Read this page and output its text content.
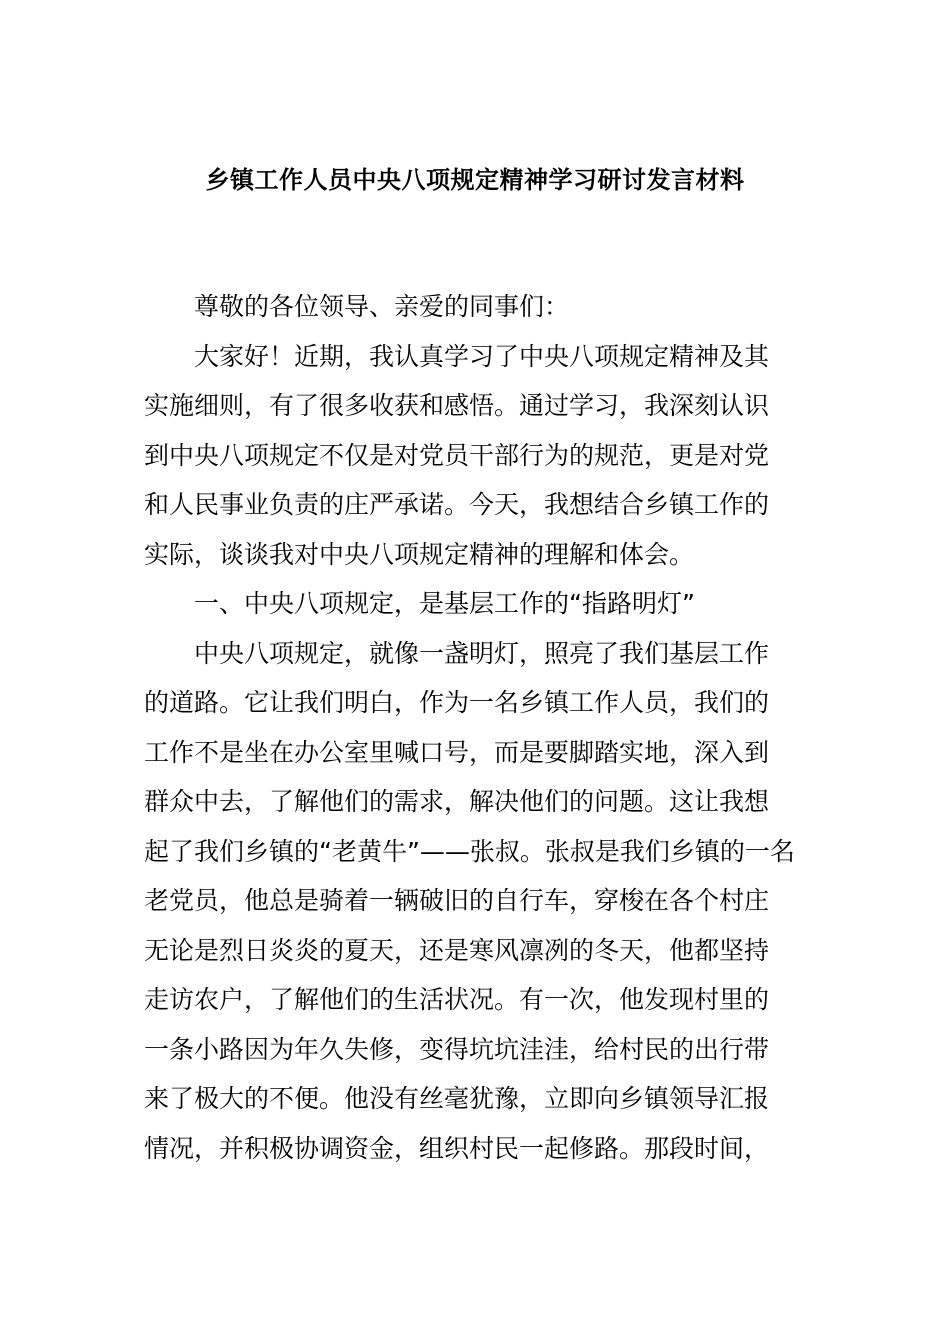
乡镇工作人员中央八项规定精神学习研讨发言材料
尊敬的各位领导、亲爱的同事们：
大家好！近期，我认真学习了中央八项规定精神及其
实施细则，有了很多收获和感悟。通过学习，我深刻认识
到中央八项规定不仅是对党员干部行为的规范，更是对党
和人民事业负责的庄严承诺。今天，我想结合乡镇工作的
实际，谈谈我对中央八项规定精神的理解和体会。
一、中央八项规定，是基层工作的“指路明灯”
中央八项规定，就像一盏明灯，照亮了我们基层工作
的道路。它让我们明白，作为一名乡镇工作人员，我们的
工作不是坐在办公室里喊口号，而是要脚踏实地，深入到
群众中去，了解他们的需求，解决他们的问题。这让我想
起了我们乡镇的“老黄牛”——张叔。张叔是我们乡镇的一名
老党员，他总是骑着一辆破旧的自行车，穿梭在各个村庄
无论是烈日炎炎的夏天，还是寒风凛冽的冬天，他都坚持
走访农户，了解他们的生活状况。有一次，他发现村里的
一条小路因为年久失修，变得坑坑洼洼，给村民的出行带
来了极大的不便。他没有丝毫犹豫，立即向乡镇领导汇报
情况，并积极协调资金，组织村民一起修路。那段时间，
